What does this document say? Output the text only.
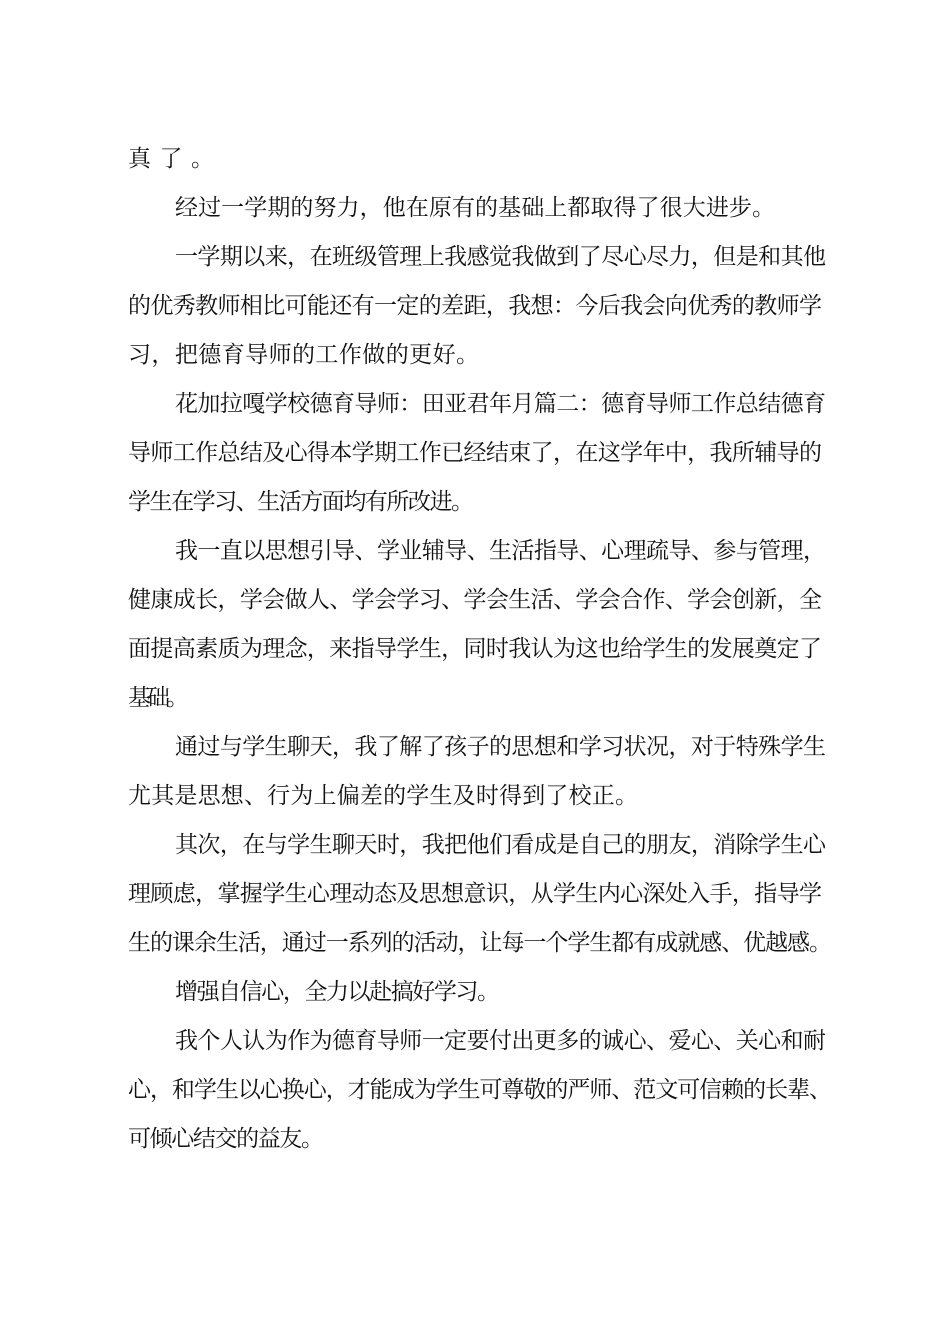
真了。
经过一学期的努力，他在原有的基础上都取得了很大进步。
一学期以来，在班级管理上我感觉我做到了尽心尽力，但是和其他
的优秀教师相比可能还有一定的差距，我想：今后我会向优秀的教师学
习，把德育导师的工作做的更好。
花加拉嘎学校德育导师：田亚君年月篇二：德育导师工作总结德育
导师工作总结及心得本学期工作已经结束了，在这学年中，我所辅导的
学生在学习、生活方面均有所改进。
我一直以思想引导、学业辅导、生活指导、心理疏导、参与管理，
健康成长，学会做人、学会学习、学会生活、学会合作、学会创新，全
面提高素质为理念，来指导学生，同时我认为这也给学生的发展奠定了
基础。
通过与学生聊天，我了解了孩子的思想和学习状况，对于特殊学生
尤其是思想、行为上偏差的学生及时得到了校正。
其次，在与学生聊天时，我把他们看成是自己的朋友，消除学生心
理顾虑，掌握学生心理动态及思想意识，从学生内心深处入手，指导学
生的课余生活，通过一系列的活动，让每一个学生都有成就感、优越感。
增强自信心，全力以赴搞好学习。
我个人认为作为德育导师一定要付出更多的诚心、爱心、关心和耐
心，和学生以心换心，才能成为学生可尊敬的严师、范文可信赖的长辈、
可倾心结交的益友。
